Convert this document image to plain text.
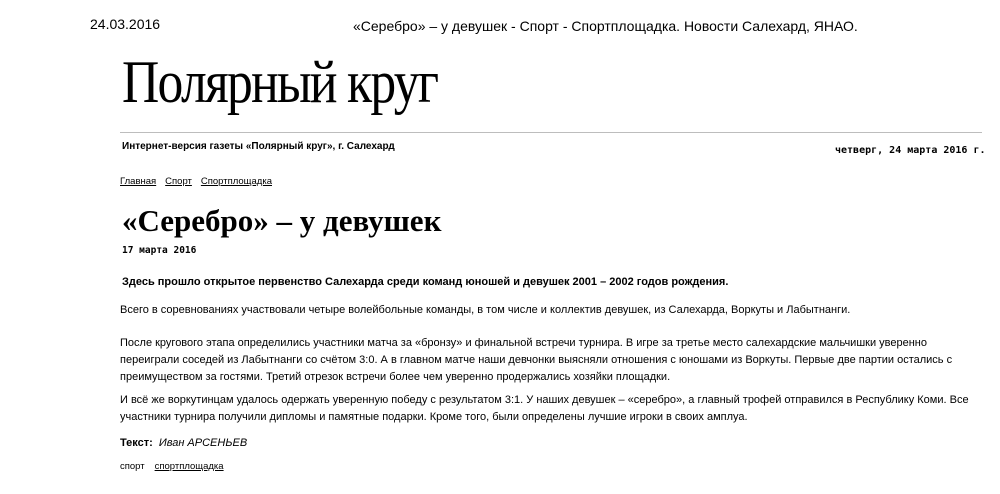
24.03.2016	«Серебро» – у девушек - Спорт - Спортплощадка. Новости Салехард, ЯНАО.
Полярный круг
Интернет-версия газеты «Полярный круг», г. Салехард	четверг, 24 марта 2016 г.
Главная Спорт Спортплощадка
«Серебро» – у девушек
17 марта 2016
Здесь прошло открытое первенство Салехарда среди команд юношей и девушек 2001 – 2002 годов рождения.

Всего в соревнованиях участвовали четыре волейбольные команды, в том числе и коллектив девушек, из Салехарда, Воркуты и Лабытнанги.

После кругового этапа определились участники матча за «бронзу» и финальной встречи турнира. В игре за третье место салехардские мальчишки уверенно переиграли соседей из Лабытнанги со счётом 3:0. А в главном матче наши девчонки выясняли отношения с юношами из Воркуты. Первые две партии остались с преимуществом за гостями. Третий отрезок встречи более чем уверенно продержались хозяйки площадки.

И всё же воркутинцам удалось одержать уверенную победу с результатом 3:1. У наших девушек – «серебро», а главный трофей отправился в Республику Коми. Все участники турнира получили дипломы и памятные подарки. Кроме того, были определены лучшие игроки в своих амплуа.

Текст: Иван АРСЕНЬЕВ
спорт спортплощадка
